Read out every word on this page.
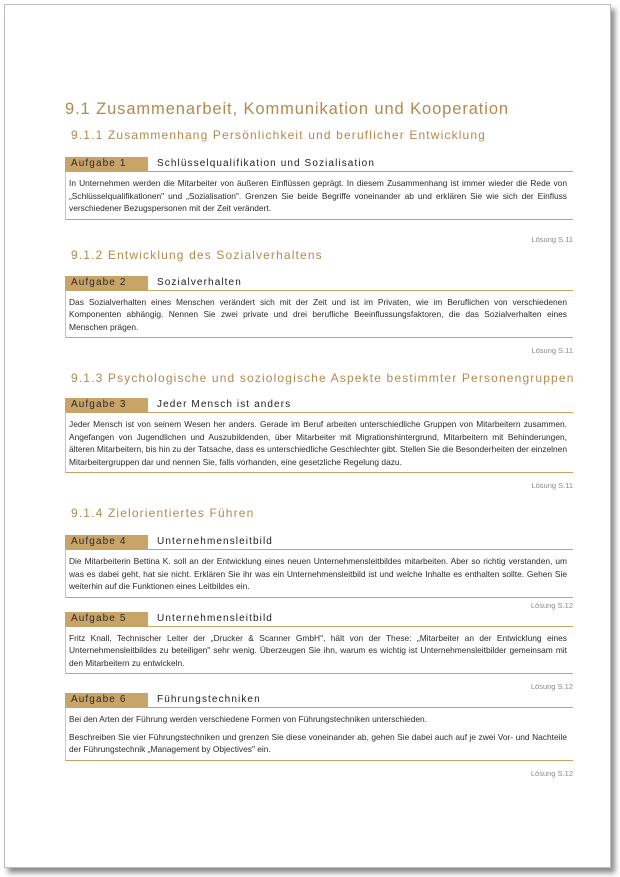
9.1 Zusammenarbeit, Kommunikation und Kooperation
9.1.1 Zusammenhang Persönlichkeit und beruflicher Entwicklung
Aufgabe 1	Schlüsselqualifikation und Sozialisation

In Unternehmen werden die Mitarbeiter von äußeren Einflüssen geprägt. In diesem Zusammenhang ist immer wieder die Rede von „Schlüsselqualifikationen" und „Sozialisation". Grenzen Sie beide Begriffe voneinander ab und erklären Sie wie sich der Einfluss verschiedener Bezugspersonen mit der Zeit verändert.

Lösung S.11
9.1.2 Entwicklung des Sozialverhaltens
Aufgabe 2	Sozialverhalten

Das Sozialverhalten eines Menschen verändert sich mit der Zeit und ist im Privaten, wie im Beruflichen von verschiedenen Komponenten abhängig. Nennen Sie zwei private und drei berufliche Beeinflussungsfaktoren, die das Sozialverhalten eines Menschen prägen.

Lösung S.11
9.1.3 Psychologische und soziologische Aspekte bestimmter Personengruppen
Aufgabe 3	Jeder Mensch ist anders

Jeder Mensch ist von seinem Wesen her anders. Gerade im Beruf arbeiten unterschiedliche Gruppen von Mitarbeitern zusammen. Angefangen von Jugendlichen und Auszubildenden, über Mitarbeiter mit Migrationshintergrund, Mitarbeitern mit Behinderungen, älteren Mitarbeitern, bis hin zu der Tatsache, dass es unterschiedliche Geschlechter gibt. Stellen Sie die Besonderheiten der einzelnen Mitarbeitergruppen dar und nennen Sie, falls vorhanden, eine gesetzliche Regelung dazu.

Lösung S.11
9.1.4 Zielorientiertes Führen
Aufgabe 4	Unternehmensleitbild

Die Mitarbeiterin Bettina K. soll an der Entwicklung eines neuen Unternehmensleitbildes mitarbeiten. Aber so richtig verstanden, um was es dabei geht, hat sie nicht. Erklären Sie ihr was ein Unternehmensleitbild ist und welche Inhalte es enthalten sollte. Gehen Sie weiterhin auf die Funktionen eines Leitbildes ein.

Lösung S.12
Aufgabe 5	Unternehmensleitbild

Fritz Knall, Technischer Leiter der „Drucker & Scanner GmbH", hält von der These: „Mitarbeiter an der Entwicklung eines Unternehmensleitbildes zu beteiligen" sehr wenig. Überzeugen Sie ihn, warum es wichtig ist Unternehmensleitbilder gemeinsam mit den Mitarbeitern zu entwickeln.

Lösung S.12
Aufgabe 6	Führungstechniken

Bei den Arten der Führung werden verschiedene Formen von Führungstechniken unterschieden.

Beschreiben Sie vier Führungstechniken und grenzen Sie diese voneinander ab, gehen Sie dabei auch auf je zwei Vor- und Nachteile der Führungstechnik „Management by Objectives" ein.

Lösung S.12
